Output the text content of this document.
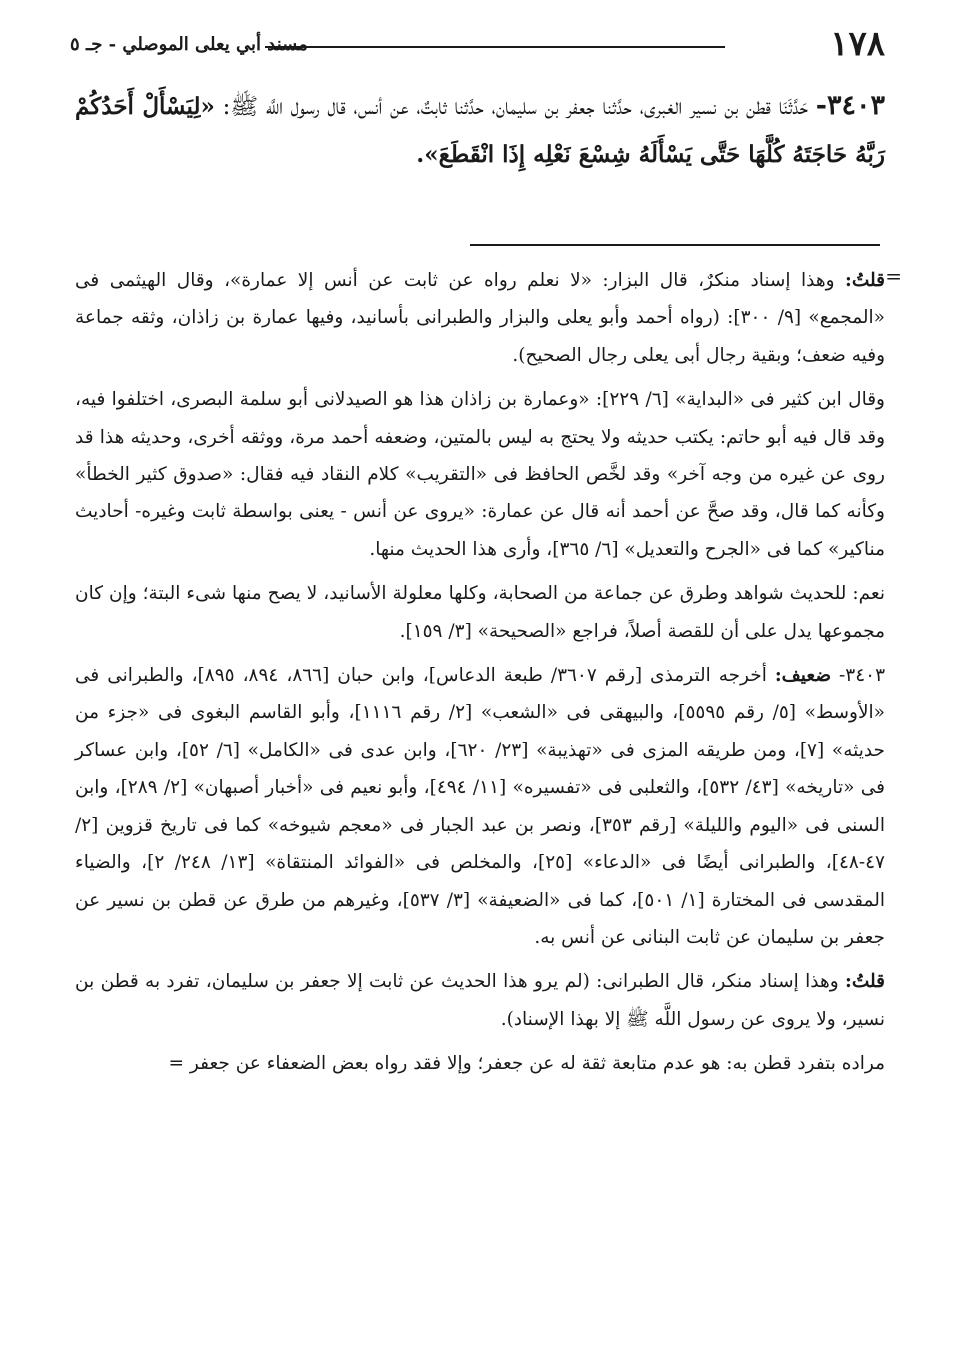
١٧٨
مسند أبي يعلى الموصلي - جـ ٥
٣٤٠٣- حَدَّثَنَا قطن بن نسير الغبرى، حدَّثنا جعفر بن سليمان، حدَّثنا ثابتٌ، عن أنس، قال رسول اللَّه ﷺ: «لِيَسْأَلْ أَحَدُكُمْ رَبَّهُ حَاجَتَهُ كُلَّهَا حَتَّى يَسْأَلَهُ شِسْعَ نَعْلِه إِذَا انْقَطَعَ».
=

قلتُ: وهذا إسناد منكرٌ، قال البزار: «لا نعلم رواه عن ثابت عن أنس إلا عمارة»، وقال الهيثمى فى «المجمع» [٩/ ٣٠٠]: (رواه أحمد وأبو يعلى والبزار والطبرانى بأسانيد، وفيها عمارة بن زاذان، وثقه جماعة وفيه ضعف؛ وبقية رجال أبى يعلى رجال الصحيح).

وقال ابن كثير فى «البداية» [٦/ ٢٢٩]: «وعمارة بن زاذان هذا هو الصيدلانى أبو سلمة البصرى، اختلفوا فيه، وقد قال فيه أبو حاتم: يكتب حديثه ولا يحتج به ليس بالمتين، وضعفه أحمد مرة، ووثقه أخرى، وحديثه هذا قد روى عن غيره من وجه آخر» وقد لخَّص الحافظ فى «التقريب» كلام النقاد فيه فقال: «صدوق كثير الخطأ» وكأنه كما قال، وقد صحَّ عن أحمد أنه قال عن عمارة: «يروى عن أنس - يعنى بواسطة ثابت وغيره- أحاديث مناكير» كما فى «الجرح والتعديل» [٦/ ٣٦٥]، وأرى هذا الحديث منها.

نعم: للحديث شواهد وطرق عن جماعة من الصحابة، وكلها معلولة الأسانيد، لا يصح منها شىء البتة؛ وإن كان مجموعها يدل على أن للقصة أصلاً، فراجع «الصحيحة» [٣/ ١٥٩].

٣٤٠٣- ضعيف: أخرجه الترمذى [رقم ٣٦٠٧/ طبعة الدعاس]، وابن حبان [٨٦٦، ٨٩٤، ٨٩٥]، والطبرانى فى «الأوسط» [٥/ رقم ٥٥٩٥]، والبيهقى فى «الشعب» [٢/ رقم ١١١٦]، وأبو القاسم البغوى فى «جزء من حديثه» [٧]، ومن طريقه المزى فى «تهذيبة» [٢٣/ ٦٢٠]، وابن عدى فى «الكامل» [٦/ ٥٢]، وابن عساكر فى «تاريخه» [٤٣/ ٥٣٢]، والثعلبى فى «تفسيره» [١١/ ٤٩٤]، وأبو نعيم فى «أخبار أصبهان» [٢/ ٢٨٩]، وابن السنى فى «اليوم والليلة» [رقم ٣٥٣]، ونصر بن عبد الجبار فى «معجم شيوخه» كما فى تاريخ قزوين [٢/ ٤٧-٤٨]، والطبرانى أيضًا فى «الدعاء» [٢٥]، والمخلص فى «الفوائد المنتقاة» [١٣/ ٢٤٨/ ٢]، والضياء المقدسى فى المختارة [١/ ٥٠١]، كما فى «الضعيفة» [٣/ ٥٣٧]، وغيرهم من طرق عن قطن بن نسير عن جعفر بن سليمان عن ثابت البنانى عن أنس به.

قلتُ: وهذا إسناد منكر، قال الطبرانى: (لم يرو هذا الحديث عن ثابت إلا جعفر بن سليمان، تفرد به قطن بن نسير، ولا يروى عن رسول اللَّه ﷺ إلا بهذا الإسناد).

مراده بتفرد قطن به: هو عدم متابعة ثقة له عن جعفر؛ وإلا فقد رواه بعض الضعفاء عن جعفر =
